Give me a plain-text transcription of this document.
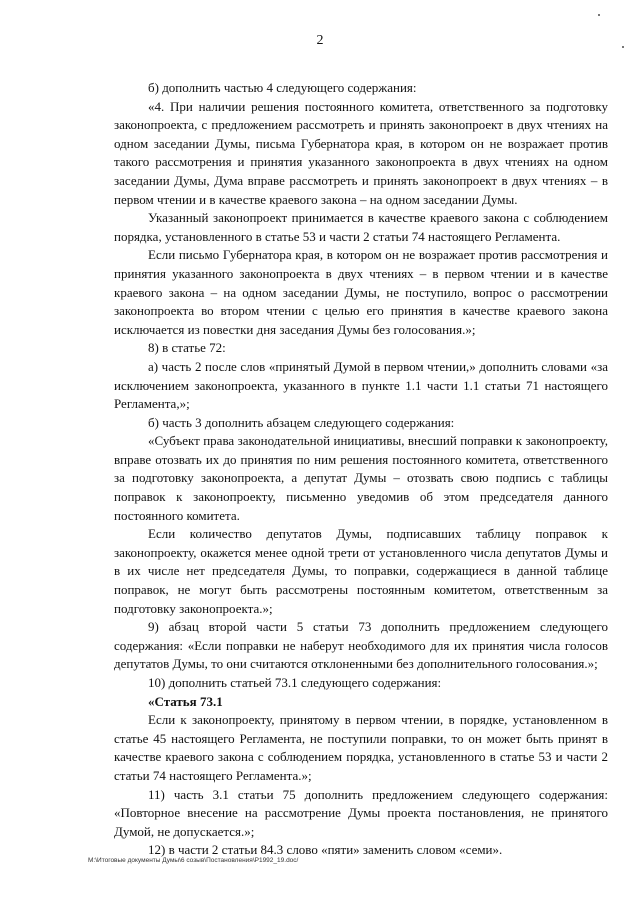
2

б) дополнить частью 4 следующего содержания:

«4. При наличии решения постоянного комитета, ответственного за подготовку законопроекта, с предложением рассмотреть и принять законопроект в двух чтениях на одном заседании Думы, письма Губернатора края, в котором он не возражает против такого рассмотрения и принятия указанного законопроекта в двух чтениях на одном заседании Думы, Дума вправе рассмотреть и принять законопроект в двух чтениях – в первом чтении и в качестве краевого закона – на одном заседании Думы.

Указанный законопроект принимается в качестве краевого закона с соблюдением порядка, установленного в статье 53 и части 2 статьи 74 настоящего Регламента.

Если письмо Губернатора края, в котором он не возражает против рассмотрения и принятия указанного законопроекта в двух чтениях – в первом чтении и в качестве краевого закона – на одном заседании Думы, не поступило, вопрос о рассмотрении законопроекта во втором чтении с целью его принятия в качестве краевого закона исключается из повестки дня заседания Думы без голосования.»;

8) в статье 72:

а) часть 2 после слов «принятый Думой в первом чтении,» дополнить словами «за исключением законопроекта, указанного в пункте 1.1 части 1.1 статьи 71 настоящего Регламента,»;

б) часть 3 дополнить абзацем следующего содержания:

«Субъект права законодательной инициативы, внесший поправки к законопроекту, вправе отозвать их до принятия по ним решения постоянного комитета, ответственного за подготовку законопроекта, а депутат Думы – отозвать свою подпись с таблицы поправок к законопроекту, письменно уведомив об этом председателя данного постоянного комитета.

Если количество депутатов Думы, подписавших таблицу поправок к законопроекту, окажется менее одной трети от установленного числа депутатов Думы и в их числе нет председателя Думы, то поправки, содержащиеся в данной таблице поправок, не могут быть рассмотрены постоянным комитетом, ответственным за подготовку законопроекта.»;

9) абзац второй части 5 статьи 73 дополнить предложением следующего содержания: «Если поправки не наберут необходимого для их принятия числа голосов депутатов Думы, то они считаются отклоненными без дополнительного голосования.»;

10) дополнить статьей 73.1 следующего содержания:

«Статья 73.1

Если к законопроекту, принятому в первом чтении, в порядке, установленном в статье 45 настоящего Регламента, не поступили поправки, то он может быть принят в качестве краевого закона с соблюдением порядка, установленного в статье 53 и части 2 статьи 74 настоящего Регламента.»;

11) часть 3.1 статьи 75 дополнить предложением следующего содержания: «Повторное внесение на рассмотрение Думы проекта постановления, не принятого Думой, не допускается.»;

12) в части 2 статьи 84.3 слово «пяти» заменить словом «семи».

M:\Итоговые документы Думы\6 созыв\Постановления\Р1992_19.doc/
